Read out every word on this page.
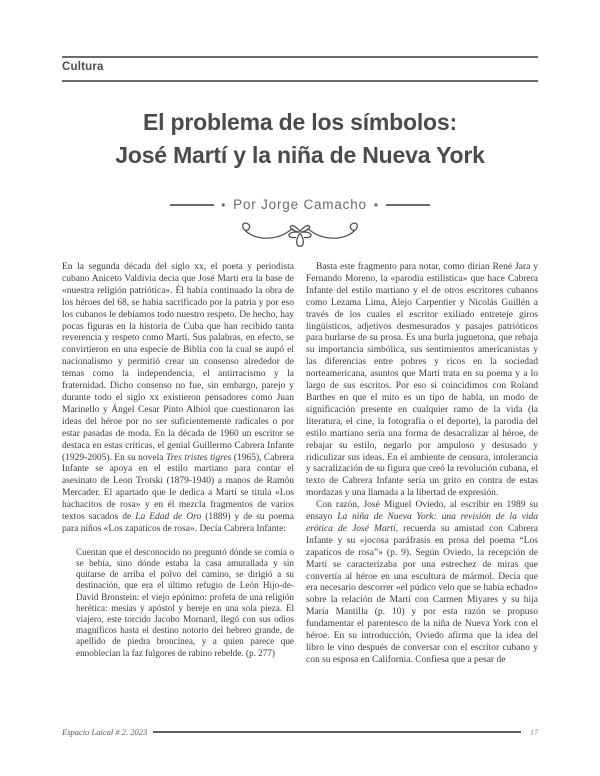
Cultura
El problema de los símbolos:
José Martí y la niña de Nueva York
• Por Jorge Camacho •

En la segunda década del siglo xx, el poeta y periodista cubano Aniceto Valdivia decía que José Martí era la base de «nuestra religión patriótica». Él había continuado la obra de los héroes del 68, se había sacrificado por la patria y por eso los cubanos le debíamos todo nuestro respeto. De hecho, hay pocas figuras en la historia de Cuba que han recibido tanta reverencia y respeto como Martí. Sus palabras, en efecto, se convirtieron en una especie de Biblia con la cual se aupó el nacionalismo y permitió crear un consenso alrededor de temas como la independencia, el antirracismo y la fraternidad. Dicho consenso no fue, sin embargo, parejo y durante todo el siglo xx existieron pensadores como Juan Marinello y Ángel Cesar Pinto Albiol que cuestionaron las ideas del héroe por no ser suficientemente radicales o por estar pasadas de moda. En la década de 1960 un escritor se destaca en estas críticas, el genial Guillermo Cabrera Infante (1929-2005). En su novela Tres tristes tigres (1965), Cabrera Infante se apoya en el estilo martiano para contar el asesinato de Leon Trotski (1879-1940) a manos de Ramón Mercader. El apartado que le dedica a Martí se titula «Los hachacitos de rosa» y en él mezcla fragmentos de varios textos sacados de La Edad de Oro (1889) y de su poema para niños «Los zapaticos de rosa». Decía Cabrera Infante:

Cuentan que el desconocido no preguntó dónde se comía o se bebía, sino dónde estaba la casa amurallada y sin quitarse de arriba el polvo del camino, se dirigió a su destinación, que era el último refugio de León Hijo-de-David Bronstein: el viejo epónimo: profeta de una religión herética: mesías y apóstol y hereje en una sola pieza. El viajero, este torcido Jacobo Mornard, llegó con sus odios magníficos hasta el destino notorio del hebreo grande, de apellido de piedra broncínea, y a quien parece que ennoblecían la faz fulgores de rabino rebelde. (p. 277)

Basta este fragmento para notar, como dirían René Jara y Fernando Moreno, la «parodia estilística» que hace Cabrera Infante del estilo martiano y el de otros escritores cubanos como Lezama Lima, Alejo Carpentier y Nicolás Guillén a través de los cuales el escritor exiliado entreteje giros lingüísticos, adjetivos desmesurados y pasajes patrióticos para burlarse de su prosa. Es una burla juguetona, que rebaja su importancia simbólica, sus sentimientos americanistas y las diferencias entre pobres y ricos en la sociedad norteamericana, asuntos que Martí trata en su poema y a lo largo de sus escritos. Por eso si coincidimos con Roland Barthes en que el mito es un tipo de habla, un modo de significación presente en cualquier ramo de la vida (la literatura, el cine, la fotografía o el deporte), la parodia del estilo martiano sería una forma de desacralizar al héroe, de rebajar su estilo, negarlo por ampuloso y desusado y ridiculizar sus ideas. En el ambiente de censura, intolerancia y sacralización de su figura que creó la revolución cubana, el texto de Cabrera Infante sería un grito en contra de estas mordazas y una llamada a la libertad de expresión.

Con razón, José Miguel Oviedo, al escribir en 1989 su ensayo La niña de Nueva York: una revisión de la vida erótica de José Martí, recuerda su amistad con Cabrera Infante y su «jocosa paráfrasis en prosa del poema “Los zapaticos de rosa”» (p. 9). Según Oviedo, la recepción de Martí se caracterizaba por una estrechez de miras que convertía al héroe en una escultura de mármol. Decía que era necesario descorrer «el púdico velo que se había echado» sobre la relación de Martí con Carmen Miyares y su hija María Mantilla (p. 10) y por esta razón se propuso fundamentar el parentesco de la niña de Nueva York con el héroe. En su introducción, Oviedo afirma que la idea del libro le vino después de conversar con el escritor cubano y con su esposa en California. Confiesa que a pesar de

Espacio Laical # 2. 2023	17
